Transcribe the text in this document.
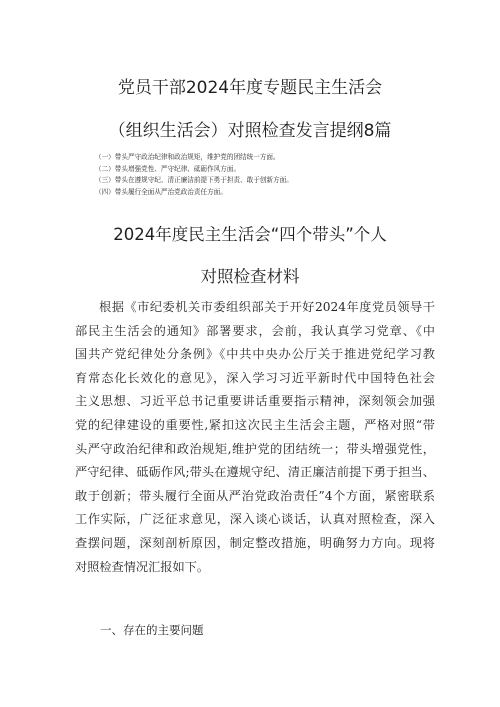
党员干部2024年度专题民主生活会
（组织生活会）对照检查发言提纲8篇
（一）带头严守政治纪律和政治规矩，维护党的团结统一方面。
（二）带头增强党性、严守纪律、砥砺作风方面。
（三）带头在遵规守纪、清正廉洁前提下勇于担责、敢于创新方面。
（四）带头履行全面从严治党政治责任方面。
2024年度民主生活会“四个带头”个人
对照检查材料
根据《市纪委机关市委组织部关于开好2024年度党员领导干
部民主生活会的通知》部署要求，会前，我认真学习党章、《中
国共产党纪律处分条例》《中共中央办公厅关于推进党纪学习教
育常态化长效化的意见》，深入学习习近平新时代中国特色社会
主义思想、习近平总书记重要讲话重要指示精神，深刻领会加强
党的纪律建设的重要性,紧扣这次民主生活会主题，严格对照“带
头严守政治纪律和政治规矩,维护党的团结统一；带头增强党性，
严守纪律、砥砺作风;带头在遵规守纪、清正廉洁前提下勇于担当、
敢于创新；带头履行全面从严治党政治责任”4个方面，紧密联系
工作实际，广泛征求意见，深入谈心谈话，认真对照检查，深入
查摆问题，深刻剖析原因，制定整改措施，明确努力方向。现将
对照检查情况汇报如下。
一、存在的主要问题
